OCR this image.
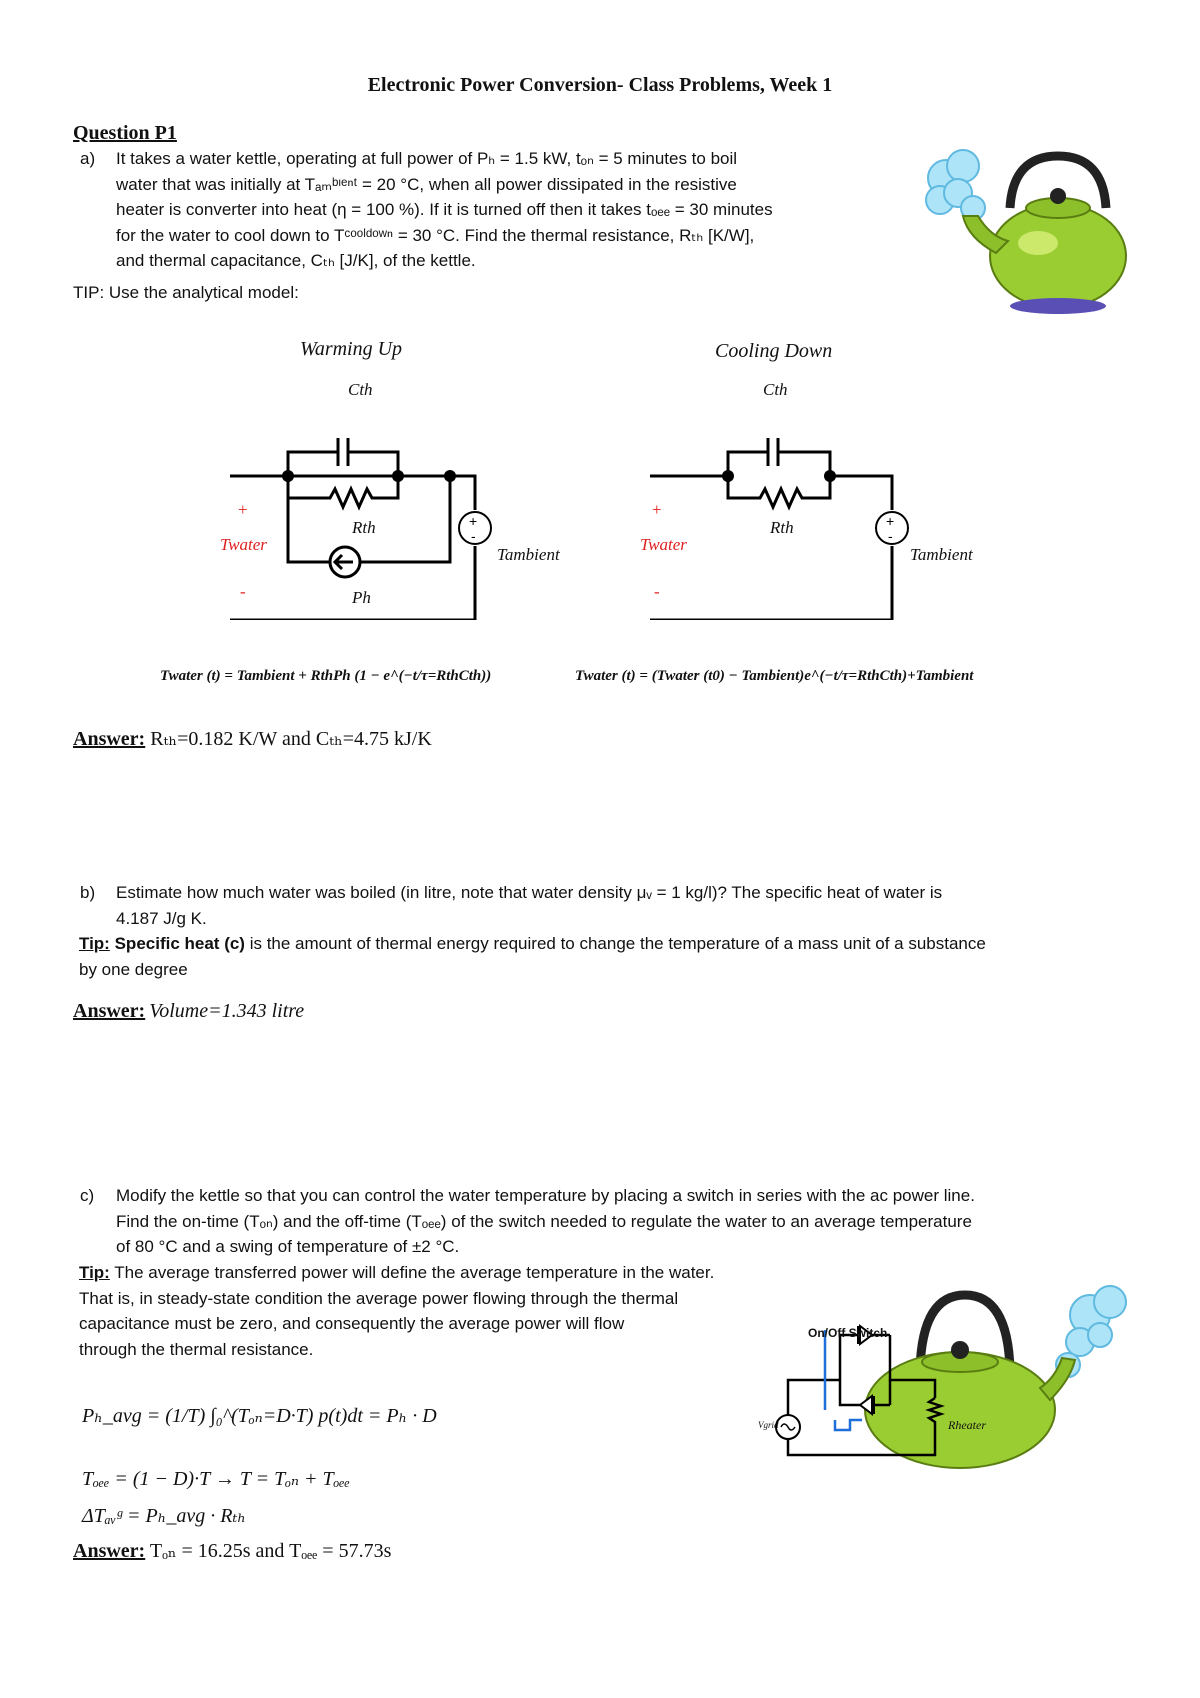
Electronic Power Conversion- Class Problems, Week 1
Question P1
a) It takes a water kettle, operating at full power of Pₕ = 1.5 kW, tₒₙ = 5 minutes to boil
water that was initially at Tₐₘᵇᶦᵉⁿᵗ = 20 °C, when all power dissipated in the resistive
heater is converter into heat (η = 100 %). If it is turned off then it takes tₒₑₑ = 30 minutes
for the water to cool down to Tᶜᵒᵒˡᵈᵒʷⁿ = 30 °C. Find the thermal resistance, Rₜₕ [K/W],
and thermal capacitance, Cₜₕ [J/K], of the kettle.
TIP: Use the analytical model:
Warming Up	Cooling Down
+
-
Cth
Rth
Ph
+
Twater
-
Tambient
+
-
Cth
Rth
+
Twater
-
Tambient
Twater (t) = Tambient + RthPh (1 − e^(−t/τ=RthCth))	Twater (t) = (Twater (t0) − Tambient)e^(−t/τ=RthCth)+Tambient
Answer: Rₜₕ=0.182 K/W and Cₜₕ=4.75 kJ/K
b) Estimate how much water was boiled (in litre, note that water density μᵥ = 1 kg/l)? The specific heat of water is
4.187 J/g K.
Tip: Specific heat (c) is the amount of thermal energy required to change the temperature of a mass unit of a substance
by one degree
Answer: Volume=1.343 litre
c) Modify the kettle so that you can control the water temperature by placing a switch in series with the ac power line.
Find the on-time (Tₒₙ) and the off-time (Tₒₑₑ) of the switch needed to regulate the water to an average temperature
of 80 °C and a swing of temperature of ±2 °C.
Tip: The average transferred power will define the average temperature in the water.
That is, in steady-state condition the average power flowing through the thermal
capacitance must be zero, and consequently the average power will flow
through the thermal resistance.
Pₕ_avg = (1/T) ∫₀^(Tₒₙ=D·T) p(t)dt = Pₕ · D
Tₒₑₑ = (1 − D)·T → T = Tₒₙ + Tₒₑₑ
ΔTₐᵥᵍ = Pₕ_avg · Rₜₕ
On/Off Switch
Vgrid	Rheater
Answer: Tₒₙ = 16.25s and Tₒₑₑ = 57.73s
